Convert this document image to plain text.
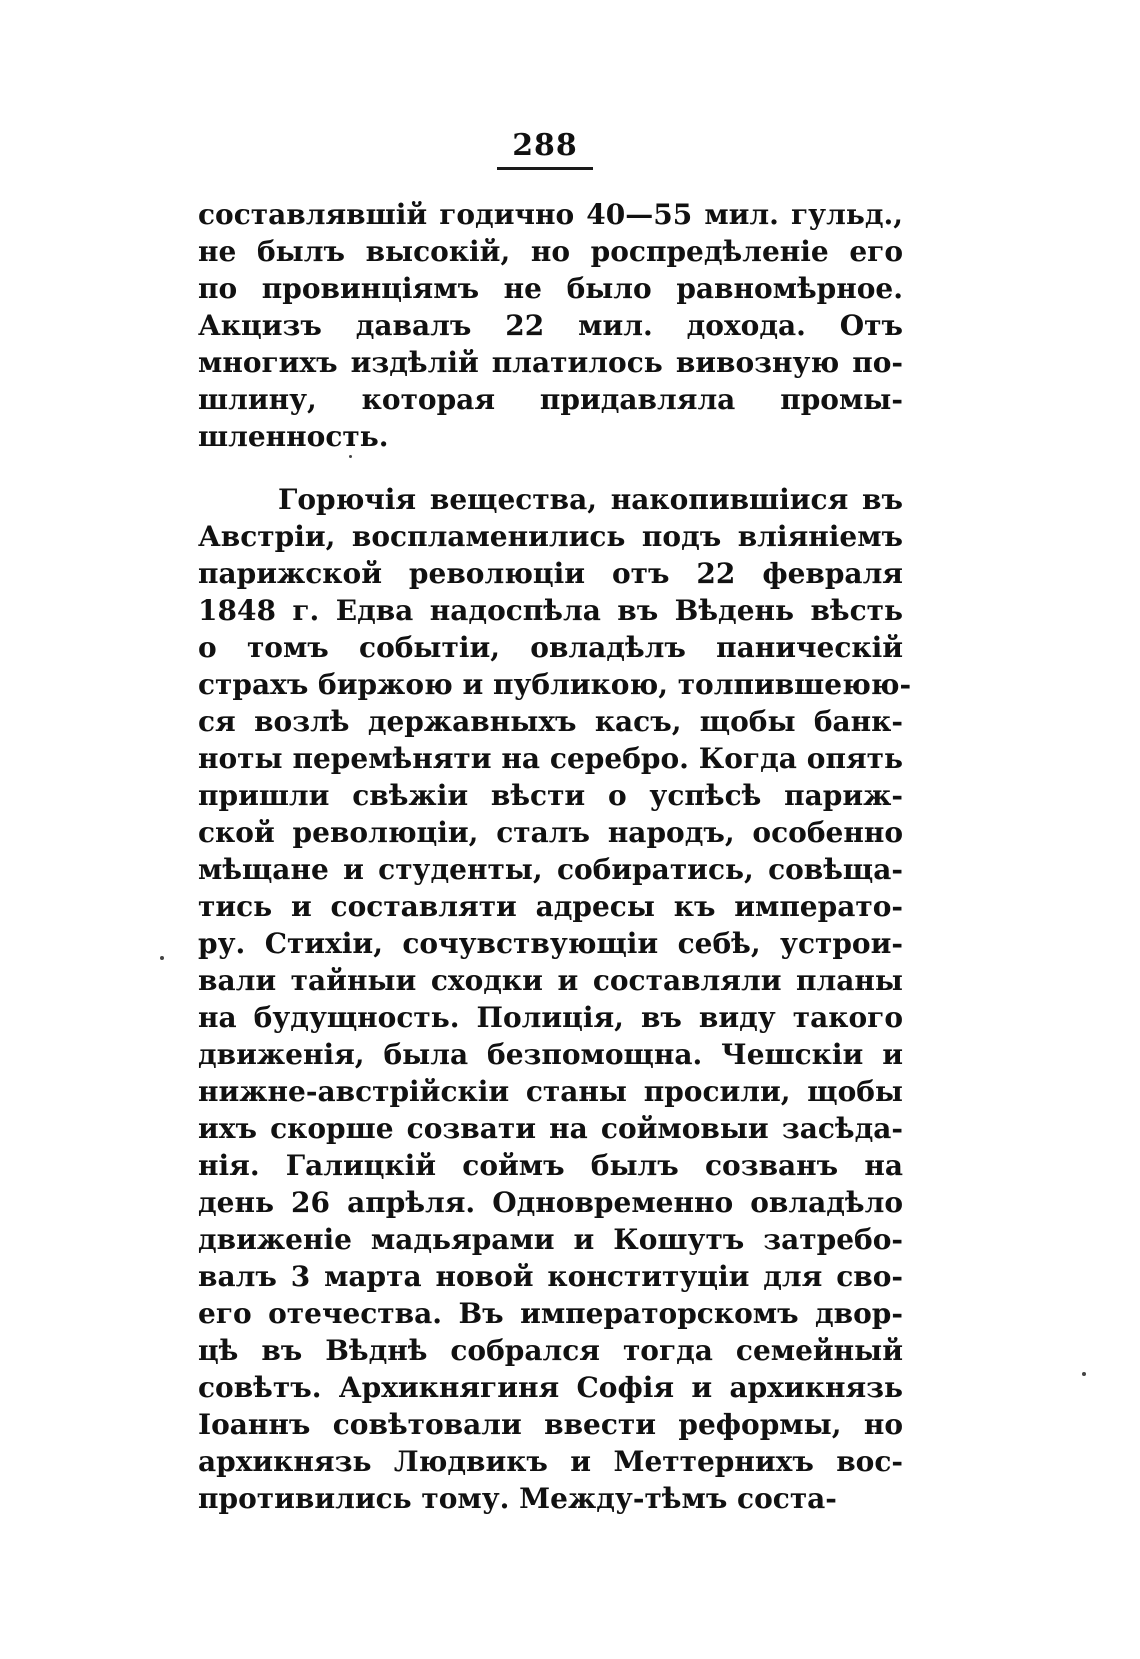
288
составлявшій годично 40—55 мил. гульд.,
не былъ высокій, но роспредѣленіе его
по провинціямъ не было равномѣрное.
Акцизъ давалъ 22 мил. дохода. Отъ
многихъ издѣлій платилось вивозную по-
шлину, которая придавляла промы-
шленность.
Горючія вещества, накопившіися въ
Австріи, воспламенились подъ вліяніемъ
парижской революціи отъ 22 февраля
1848 г. Едва надоспѣла въ Вѣдень вѣсть
о томъ событіи, овладѣлъ паническій
страхъ биржою и публикою, толпившеюю-
ся возлѣ державныхъ касъ, щобы банк-
ноты перемѣняти на серебро. Когда опять
пришли свѣжіи вѣсти о успѣсѣ париж-
ской революціи, сталъ народъ, особенно
мѣщане и студенты, собиратись, совѣща-
тись и составляти адресы къ императо-
ру. Стихіи, сочувствующіи себѣ, устрои-
вали тайныи сходки и составляли планы
на будущность. Полиція, въ виду такого
движенія, была безпомощна. Чешскіи и
нижне-австрійскіи станы просили, щобы
ихъ скорше созвати на соймовыи засѣда-
нія. Галицкій соймъ былъ созванъ на
день 26 апрѣля. Одновременно овладѣло
движеніе мадьярами и Кошутъ затребо-
валъ 3 марта новой конституціи для сво-
его отечества. Въ императорскомъ двор-
цѣ въ Вѣднѣ собрался тогда семейный
совѣтъ. Архикнягиня Софія и архикнязь
Іоаннъ совѣтовали ввести реформы, но
архикнязь Людвикъ и Меттернихъ вос-
противились тому. Между-тѣмъ соста-
